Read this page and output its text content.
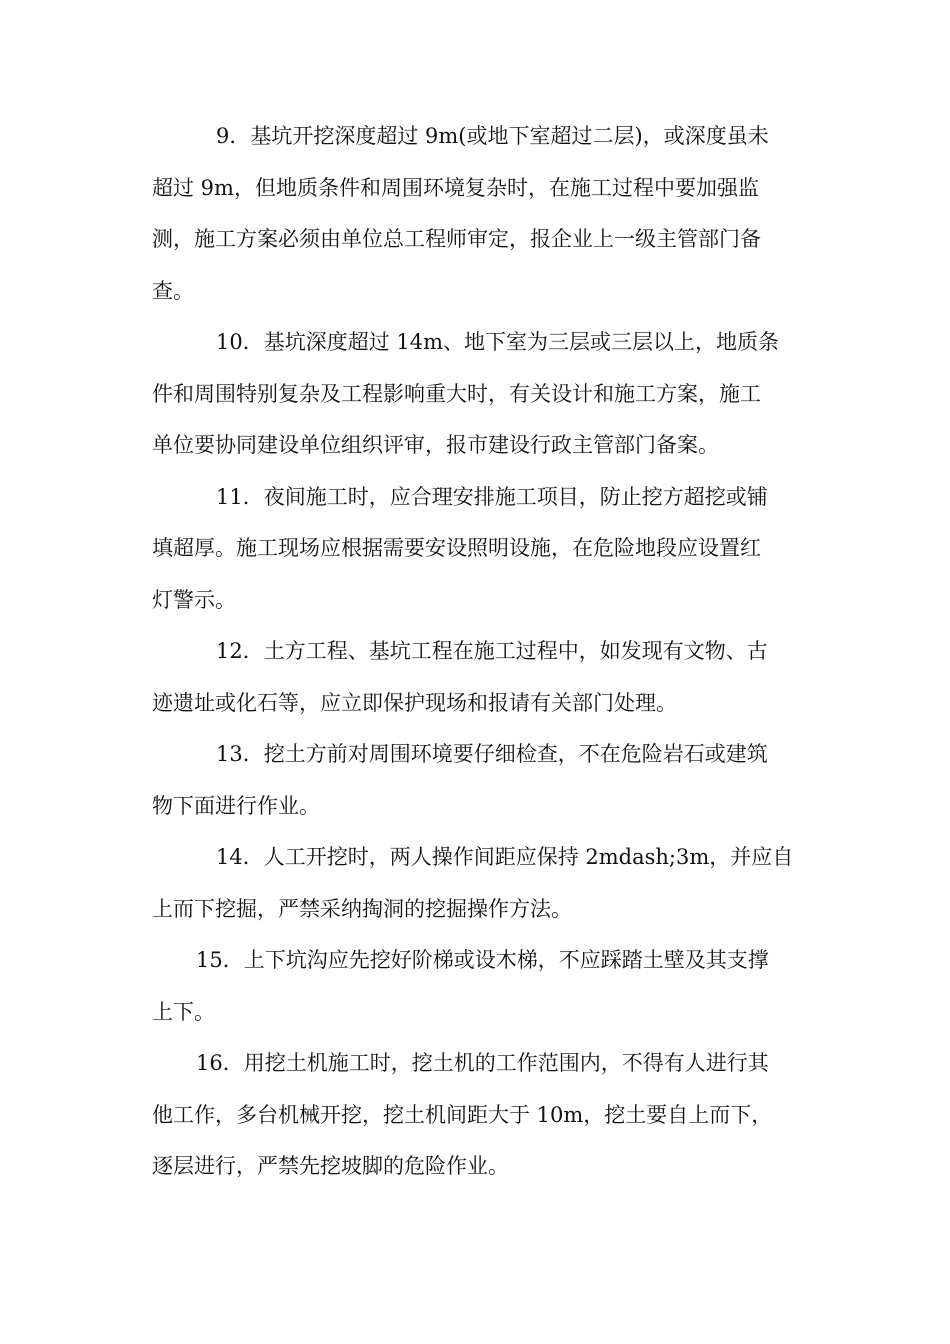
9．基坑开挖深度超过 9m(或地下室超过二层)，或深度虽未
超过 9m，但地质条件和周围环境复杂时，在施工过程中要加强监
测，施工方案必须由单位总工程师审定，报企业上一级主管部门备
查。

10．基坑深度超过 14m、地下室为三层或三层以上，地质条
件和周围特别复杂及工程影响重大时，有关设计和施工方案，施工
单位要协同建设单位组织评审，报市建设行政主管部门备案。

11．夜间施工时，应合理安排施工项目，防止挖方超挖或铺
填超厚。施工现场应根据需要安设照明设施，在危险地段应设置红
灯警示。

12．土方工程、基坑工程在施工过程中，如发现有文物、古
迹遗址或化石等，应立即保护现场和报请有关部门处理。

13．挖土方前对周围环境要仔细检查，不在危险岩石或建筑
物下面进行作业。

14．人工开挖时，两人操作间距应保持 2mdash;3m，并应自
上而下挖掘，严禁采纳掏洞的挖掘操作方法。

15．上下坑沟应先挖好阶梯或设木梯，不应踩踏土壁及其支撑
上下。

16．用挖土机施工时，挖土机的工作范围内，不得有人进行其
他工作，多台机械开挖，挖土机间距大于 10m，挖土要自上而下，
逐层进行，严禁先挖坡脚的危险作业。
